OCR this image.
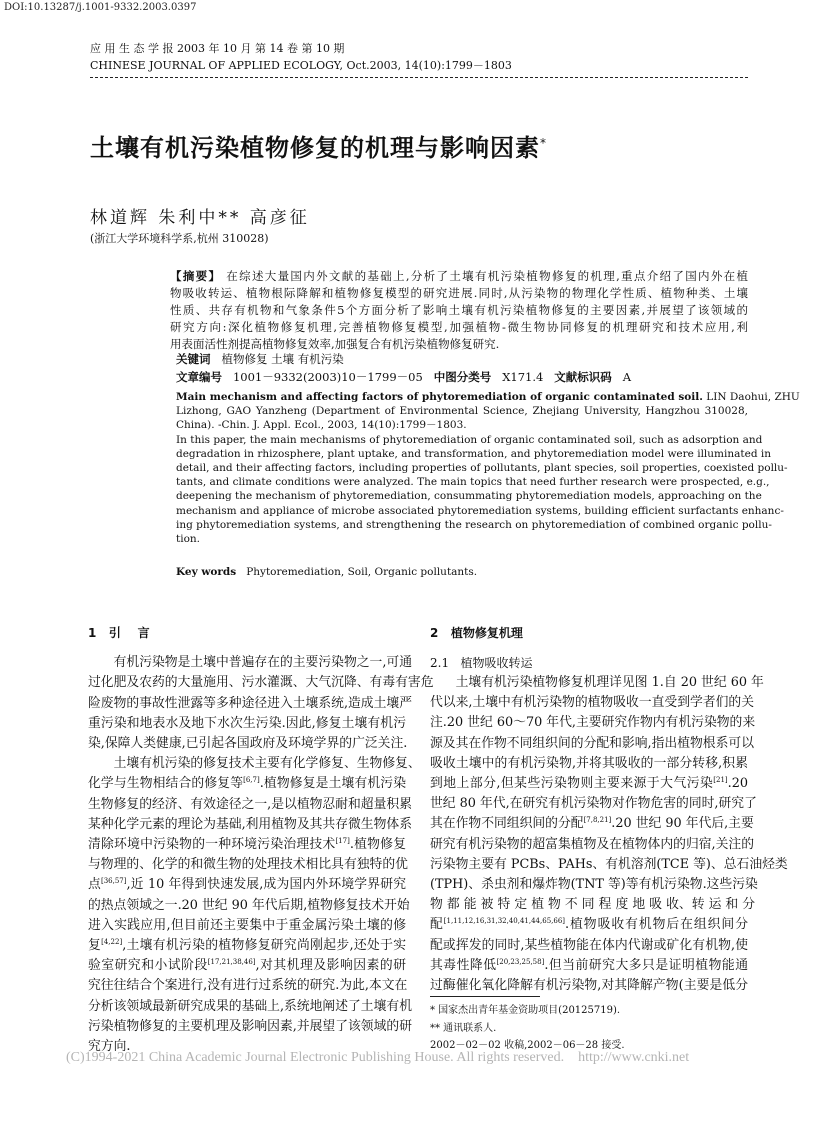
DOI:10.13287/j.1001-9332.2003.0397
应 用 生 态 学 报 2003 年 10 月 第 14 卷 第 10 期
CHINESE JOURNAL OF APPLIED ECOLOGY, Oct.2003, 14(10):1799－1803
土壤有机污染植物修复的机理与影响因素*
林道辉 朱利中** 高彦征
(浙江大学环境科学系,杭州 310028)
【摘要】 在综述大量国内外文献的基础上,分析了土壤有机污染植物修复的机理,重点介绍了国内外在植
物吸收转运、植物根际降解和植物修复模型的研究进展.同时,从污染物的物理化学性质、植物种类、土壤
性质、共存有机物和气象条件5个方面分析了影响土壤有机污染植物修复的主要因素,并展望了该领域的
研究方向:深化植物修复机理,完善植物修复模型,加强植物-微生物协同修复的机理研究和技术应用,利
用表面活性剂提高植物修复效率,加强复合有机污染植物修复研究.
关键词 植物修复 土壤 有机污染
文章编号 1001－9332(2003)10－1799－05 中图分类号 X171.4 文献标识码 A
Main mechanism and affecting factors of phytoremediation of organic contaminated soil. LIN Daohui, ZHU
Lizhong, GAO Yanzheng (Department of Environmental Science, Zhejiang University, Hangzhou 310028,
China). -Chin. J. Appl. Ecol., 2003, 14(10):1799－1803.
In this paper, the main mechanisms of phytoremediation of organic contaminated soil, such as adsorption and
degradation in rhizosphere, plant uptake, and transformation, and phytoremediation model were illuminated in
detail, and their affecting factors, including properties of pollutants, plant species, soil properties, coexisted pollu-
tants, and climate conditions were analyzed. The main topics that need further research were prospected, e.g.,
deepening the mechanism of phytoremediation, consummating phytoremediation models, approaching on the
mechanism and appliance of microbe associated phytoremediation systems, building efficient surfactants enhanc-
ing phytoremediation systems, and strengthening the research on phytoremediation of combined organic pollu-
tion.
Key words Phytoremediation, Soil, Organic pollutants.
1   引    言
有机污染物是土壤中普遍存在的主要污染物之一,可通
过化肥及农药的大量施用、污水灌溉、大气沉降、有毒有害危
险废物的事故性泄露等多种途径进入土壤系统,造成土壤严
重污染和地表水及地下水次生污染.因此,修复土壤有机污
染,保障人类健康,已引起各国政府及环境学界的广泛关注.
土壤有机污染的修复技术主要有化学修复、生物修复、
化学与生物相结合的修复等[6,7].植物修复是土壤有机污染
生物修复的经济、有效途径之一,是以植物忍耐和超量积累
某种化学元素的理论为基础,利用植物及其共存微生物体系
清除环境中污染物的一种环境污染治理技术[17].植物修复
与物理的、化学的和微生物的处理技术相比具有独特的优
点[36,57],近 10 年得到快速发展,成为国内外环境学界研究
的热点领域之一.20 世纪 90 年代后期,植物修复技术开始
进入实践应用,但目前还主要集中于重金属污染土壤的修
复[4,22],土壤有机污染的植物修复研究尚刚起步,还处于实
验室研究和小试阶段[17,21,38,46],对其机理及影响因素的研
究往往结合个案进行,没有进行过系统的研究.为此,本文在
分析该领域最新研究成果的基础上,系统地阐述了土壤有机
污染植物修复的主要机理及影响因素,并展望了该领域的研
究方向.
2   植物修复机理
2.1   植物吸收转运
土壤有机污染植物修复机理详见图 1.自 20 世纪 60 年
代以来,土壤中有机污染物的植物吸收一直受到学者们的关
注.20 世纪 60～70 年代,主要研究作物内有机污染物的来
源及其在作物不同组织间的分配和影响,指出植物根系可以
吸收土壤中的有机污染物,并将其吸收的一部分转移,积累
到地上部分,但某些污染物则主要来源于大气污染[21].20
世纪 80 年代,在研究有机污染物对作物危害的同时,研究了
其在作物不同组织间的分配[7,8,21].20 世纪 90 年代后,主要
研究有机污染物的超富集植物及在植物体内的归宿,关注的
污染物主要有 PCBs、PAHs、有机溶剂(TCE 等)、总石油烃类
(TPH)、杀虫剂和爆炸物(TNT 等)等有机污染物.这些污染
物 都 能 被 特 定 植 物 不 同 程 度 地 吸 收、转 运 和 分
配[1,11,12,16,31,32,40,41,44,65,66].植物吸收有机物后在组织间分
配或挥发的同时,某些植物能在体内代谢或矿化有机物,使
其毒性降低[20,23,25,58].但当前研究大多只是证明植物能通
过酶催化氧化降解有机污染物,对其降解产物(主要是低分
* 国家杰出青年基金资助项目(20125719).
** 通讯联系人.
2002－02－02 收稿,2002－06－28 接受.
(C)1994-2021 China Academic Journal Electronic Publishing House. All rights reserved.    http://www.cnki.net
